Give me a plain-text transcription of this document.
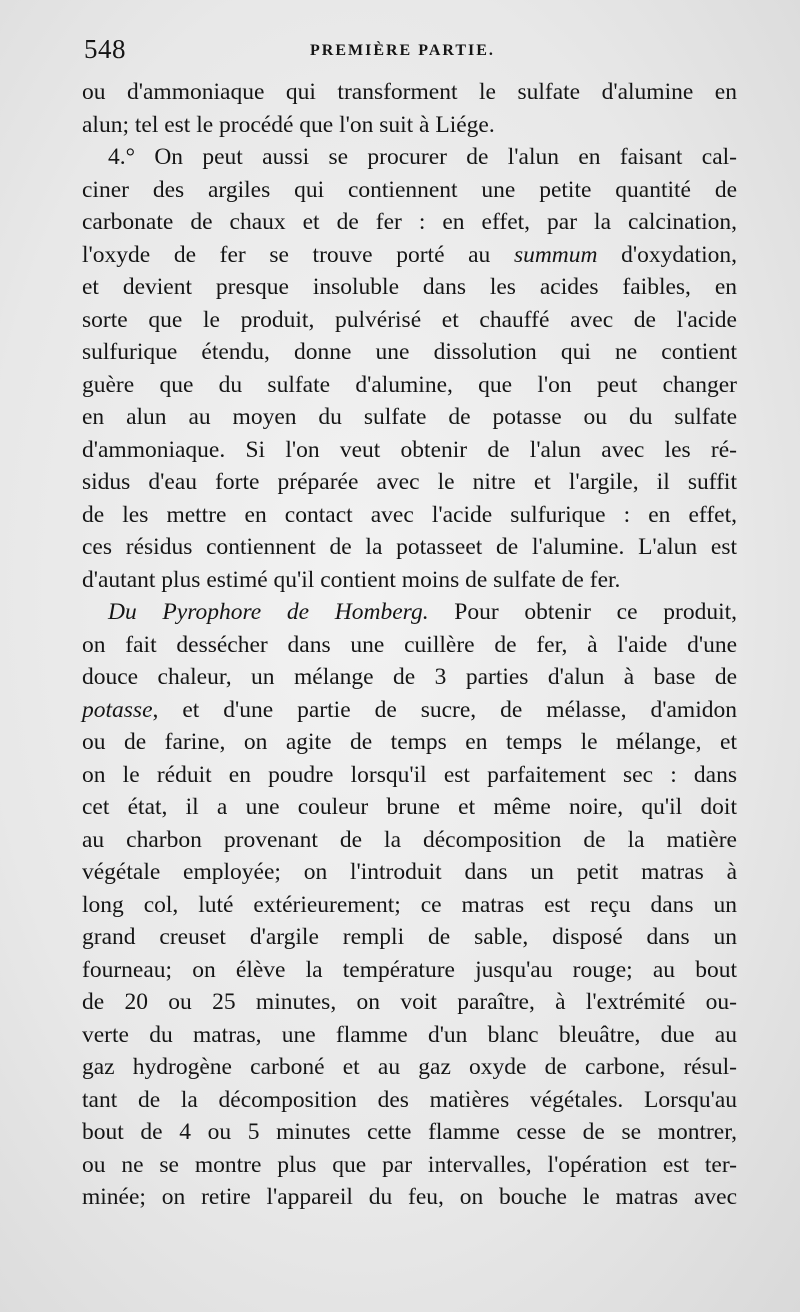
548	PREMIÈRE PARTIE.
ou d'ammoniaque qui transforment le sulfate d'alumine en
alun; tel est le procédé que l'on suit à Liége.
4.° On peut aussi se procurer de l'alun en faisant cal-
ciner des argiles qui contiennent une petite quantité de
carbonate de chaux et de fer : en effet, par la calcination,
l'oxyde de fer se trouve porté au summum d'oxydation,
et devient presque insoluble dans les acides faibles, en
sorte que le produit, pulvérisé et chauffé avec de l'acide
sulfurique étendu, donne une dissolution qui ne contient
guère que du sulfate d'alumine, que l'on peut changer
en alun au moyen du sulfate de potasse ou du sulfate
d'ammoniaque. Si l'on veut obtenir de l'alun avec les ré-
sidus d'eau forte préparée avec le nitre et l'argile, il suffit
de les mettre en contact avec l'acide sulfurique : en effet,
ces résidus contiennent de la potasseet de l'alumine. L'alun est
d'autant plus estimé qu'il contient moins de sulfate de fer.
Du Pyrophore de Homberg. Pour obtenir ce produit,
on fait dessécher dans une cuillère de fer, à l'aide d'une
douce chaleur, un mélange de 3 parties d'alun à base de
potasse, et d'une partie de sucre, de mélasse, d'amidon
ou de farine, on agite de temps en temps le mélange, et
on le réduit en poudre lorsqu'il est parfaitement sec : dans
cet état, il a une couleur brune et même noire, qu'il doit
au charbon provenant de la décomposition de la matière
végétale employée; on l'introduit dans un petit matras à
long col, luté extérieurement; ce matras est reçu dans un
grand creuset d'argile rempli de sable, disposé dans un
fourneau; on élève la température jusqu'au rouge; au bout
de 20 ou 25 minutes, on voit paraître, à l'extrémité ou-
verte du matras, une flamme d'un blanc bleuâtre, due au
gaz hydrogène carboné et au gaz oxyde de carbone, résul-
tant de la décomposition des matières végétales. Lorsqu'au
bout de 4 ou 5 minutes cette flamme cesse de se montrer,
ou ne se montre plus que par intervalles, l'opération est ter-
minée; on retire l'appareil du feu, on bouche le matras avec
